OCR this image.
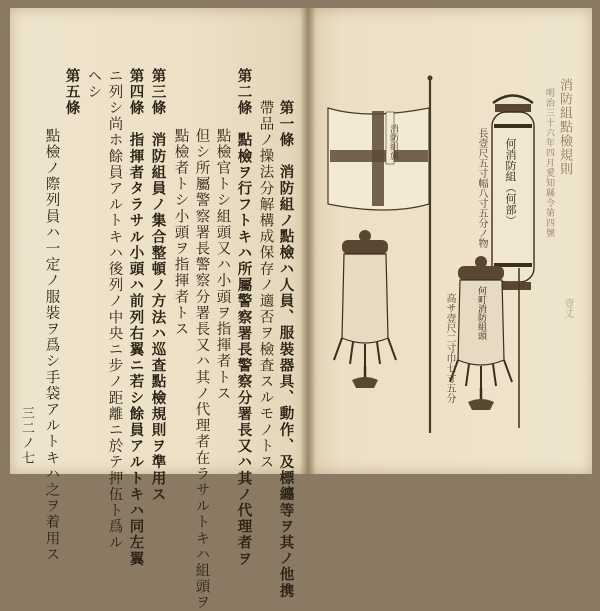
第一條　消防組ノ點檢ハ人員、服裝器具、動作、及標纏等ヲ其ノ他携
帶品ノ操法分解構成保存ノ適否ヲ檢査スルモノトス
第二條　點檢ヲ行フトキハ所屬警察署長警察分署長又ハ其ノ代理者ヲ
點檢官トシ組頭又ハ小頭ヲ指揮者トス
但シ所屬警察署長警察分署長又ハ其ノ代理者在ラサルトキハ組頭ヲ
點檢者トシ小頭ヲ指揮者トス
第三條　消防組員ノ集合整頓ノ方法ハ巡査點檢規則ヲ準用ス
第四條　指揮者タラサル小頭ハ前列右翼ニ若シ餘員アルトキハ同左翼
ニ列シ尚ホ餘員アルトキハ後列ノ中央ニ步ノ距離ニ於テ押伍ト爲ル
ヘシ
第五條
點檢ノ際列員ハ一定ノ服裝ヲ爲シ手袋アルトキハ之ヲ着用ス
三二ノ七
消防組點檢規則
明治三十六年四月愛知縣令第四號
消防組旗	何消防組（何部）
長壹尺五寸幅八寸五分ノ物
高サ壹尺二寸巾七寸五分 何町消防組頭	壹丈
